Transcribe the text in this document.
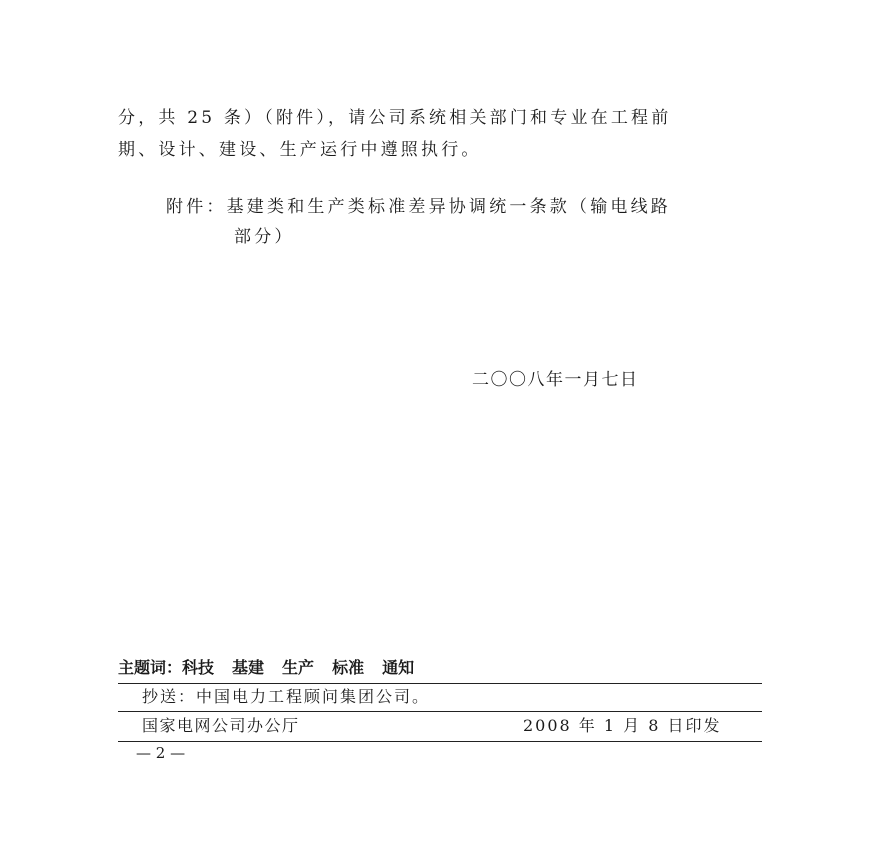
分，共 25 条）（附件），请公司系统相关部门和专业在工程前
期、设计、建设、生产运行中遵照执行。
附件：基建类和生产类标准差异协调统一条款（输电线路
部分）
二〇〇八年一月七日
主题词：科技 基建 生产 标准 通知
抄送：中国电力工程顾问集团公司。
国家电网公司办公厅	2008 年 1 月 8 日印发
— 2 —
